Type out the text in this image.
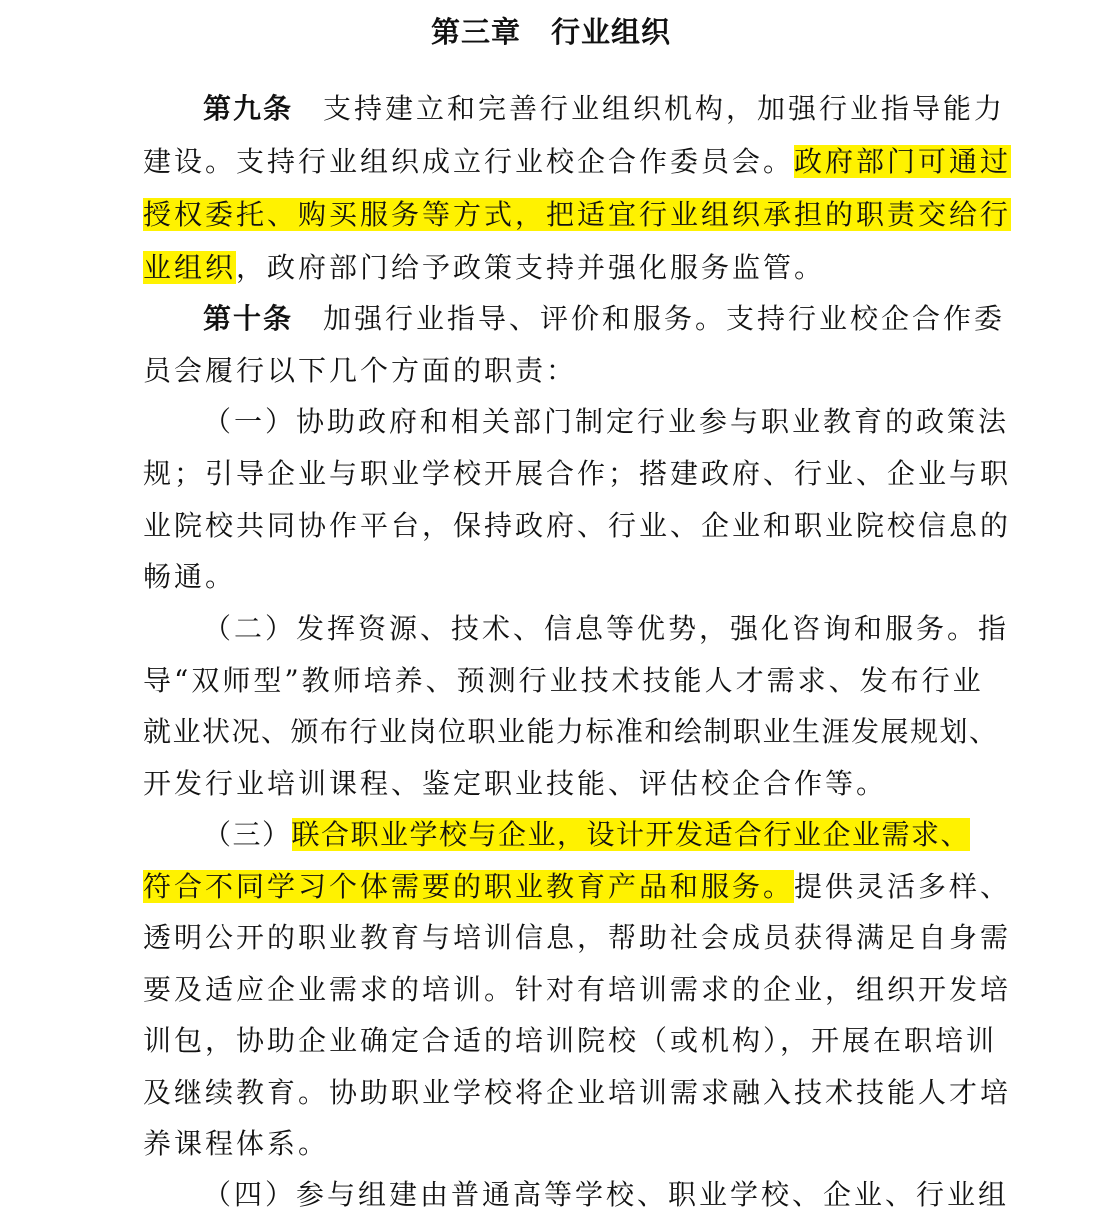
第三章　行业组织
第九条 支持建立和完善行业组织机构，加强行业指导能力
建设。支持行业组织成立行业校企合作委员会。政府部门可通过
授权委托、购买服务等方式，把适宜行业组织承担的职责交给行
业组织，政府部门给予政策支持并强化服务监管。
第十条 加强行业指导、评价和服务。支持行业校企合作委
员会履行以下几个方面的职责：
（一）协助政府和相关部门制定行业参与职业教育的政策法
规；引导企业与职业学校开展合作；搭建政府、行业、企业与职
业院校共同协作平台，保持政府、行业、企业和职业院校信息的
畅通。
（二）发挥资源、技术、信息等优势，强化咨询和服务。指
导“双师型”教师培养、预测行业技术技能人才需求、发布行业
就业状况、颁布行业岗位职业能力标准和绘制职业生涯发展规划、
开发行业培训课程、鉴定职业技能、评估校企合作等。
（三）联合职业学校与企业，设计开发适合行业企业需求、
符合不同学习个体需要的职业教育产品和服务。提供灵活多样、
透明公开的职业教育与培训信息，帮助社会成员获得满足自身需
要及适应企业需求的培训。针对有培训需求的企业，组织开发培
训包，协助企业确定合适的培训院校（或机构），开展在职培训
及继续教育。协助职业学校将企业培训需求融入技术技能人才培
养课程体系。
（四）参与组建由普通高等学校、职业学校、企业、行业组
